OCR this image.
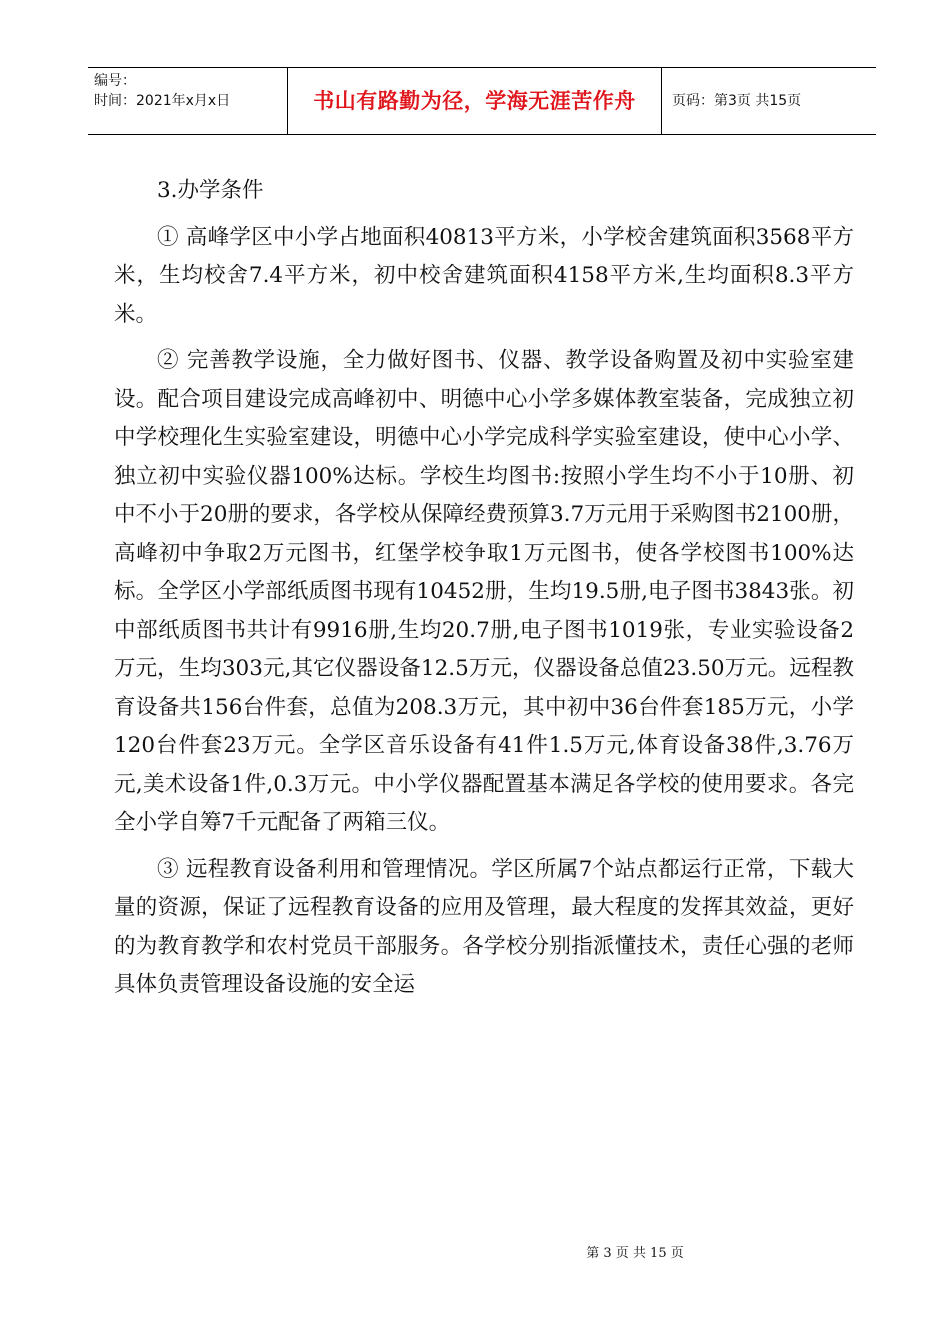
编号：
时间：2021年x月x日	书山有路勤为径，学海无涯苦作舟	页码：第3页 共15页

3.办学条件

① 高峰学区中小学占地面积40813平方米，小学校舍建筑面积3568平方米，生均校舍7.4平方米，初中校舍建筑面积4158平方米,生均面积8.3平方米。

② 完善教学设施，全力做好图书、仪器、教学设备购置及初中实验室建设。配合项目建设完成高峰初中、明德中心小学多媒体教室装备，完成独立初中学校理化生实验室建设，明德中心小学完成科学实验室建设，使中心小学、独立初中实验仪器100%达标。学校生均图书:按照小学生均不小于10册、初中不小于20册的要求，各学校从保障经费预算3.7万元用于采购图书2100册，高峰初中争取2万元图书，红堡学校争取1万元图书，使各学校图书100%达标。全学区小学部纸质图书现有10452册，生均19.5册,电子图书3843张。初中部纸质图书共计有9916册,生均20.7册,电子图书1019张，专业实验设备2万元，生均303元,其它仪器设备12.5万元，仪器设备总值23.50万元。远程教育设备共156台件套，总值为208.3万元，其中初中36台件套185万元，小学120台件套23万元。全学区音乐设备有41件1.5万元,体育设备38件,3.76万元,美术设备1件,0.3万元。中小学仪器配置基本满足各学校的使用要求。各完全小学自筹7千元配备了两箱三仪。

③ 远程教育设备利用和管理情况。学区所属7个站点都运行正常，下载大量的资源，保证了远程教育设备的应用及管理，最大程度的发挥其效益，更好的为教育教学和农村党员干部服务。各学校分别指派懂技术，责任心强的老师具体负责管理设备设施的安全运

第 3 页 共 15 页
